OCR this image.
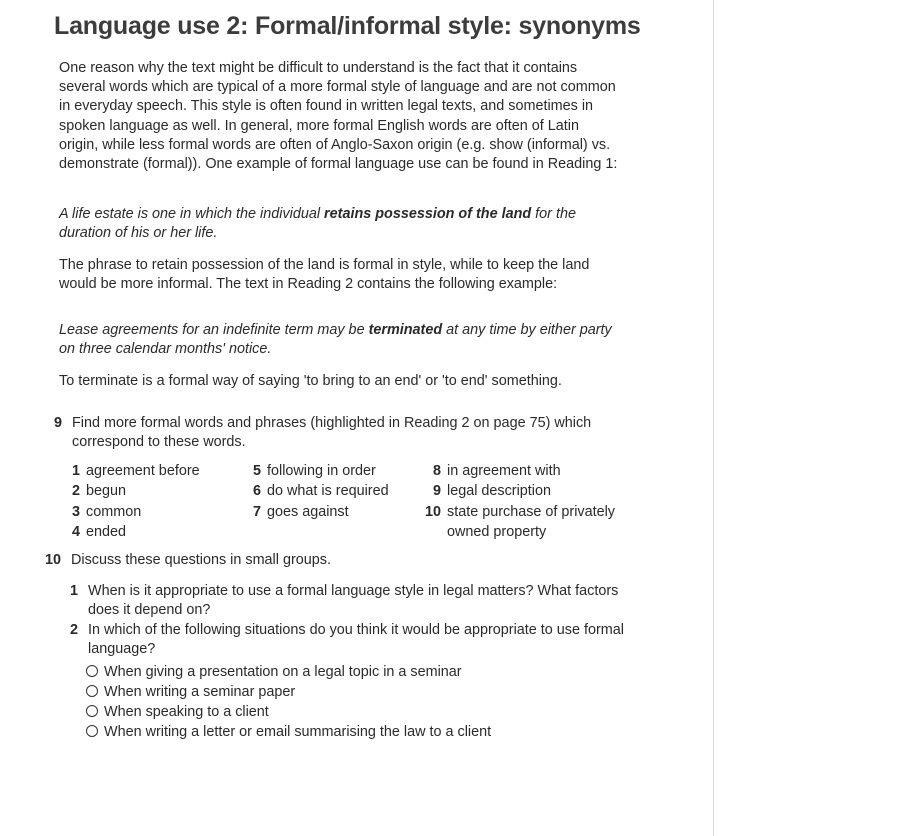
Language use 2: Formal/informal style: synonyms

One reason why the text might be difficult to understand is the fact that it contains several words which are typical of a more formal style of language and are not common in everyday speech. This style is often found in written legal texts, and sometimes in spoken language as well. In general, more formal English words are often of Latin origin, while less formal words are often of Anglo-Saxon origin (e.g. show (informal) vs. demonstrate (formal)). One example of formal language use can be found in Reading 1:

A life estate is one in which the individual retains possession of the land for the duration of his or her life.

The phrase to retain possession of the land is formal in style, while to keep the land would be more informal. The text in Reading 2 contains the following example:

Lease agreements for an indefinite term may be terminated at any time by either party on three calendar months' notice.

To terminate is a formal way of saying 'to bring to an end' or 'to end' something.

9 Find more formal words and phrases (highlighted in Reading 2 on page 75) which correspond to these words.
1 agreement before
2 begun
3 common
4 ended
5 following in order
6 do what is required
7 goes against
8 in agreement with
9 legal description
10 state purchase of privately
owned property
10 Discuss these questions in small groups.
1 When is it appropriate to use a formal language style in legal matters? What factors does it depend on?
2 In which of the following situations do you think it would be appropriate to use formal language?
When giving a presentation on a legal topic in a seminar
When writing a seminar paper
When speaking to a client
When writing a letter or email summarising the law to a client
